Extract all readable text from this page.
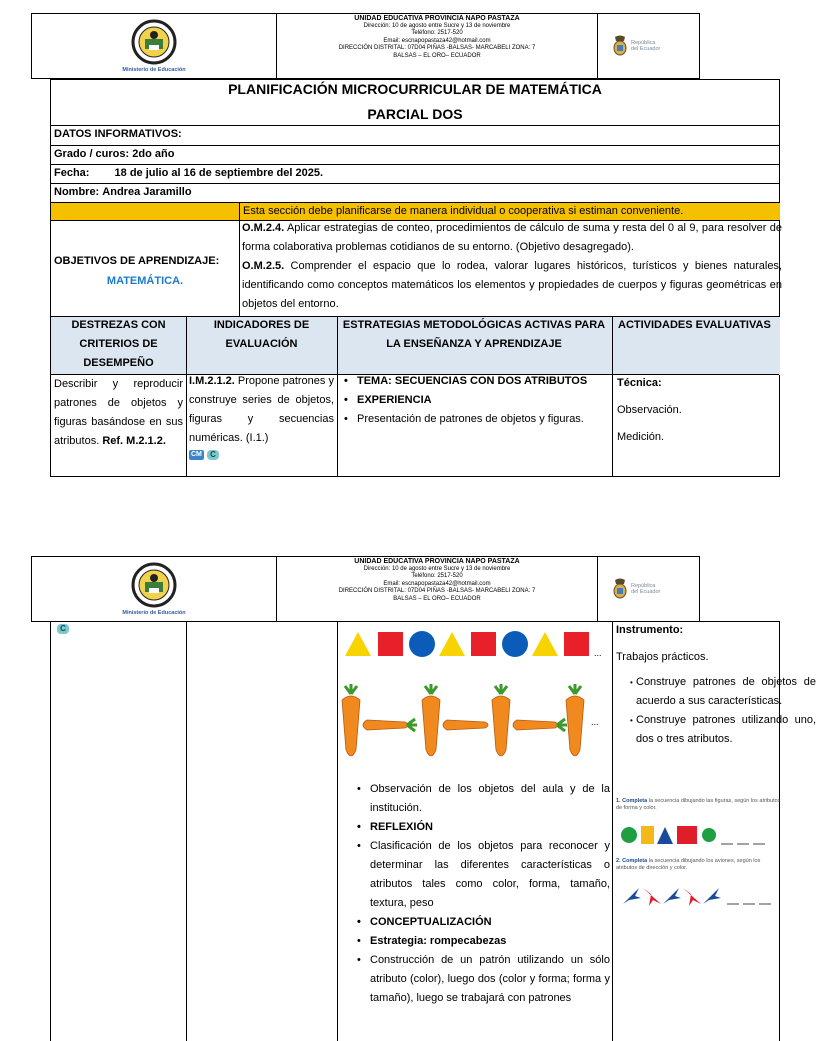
Ministerio de Educación
UNIDAD EDUCATIVA PROVINCIA NAPO PASTAZA
Dirección: 10 de agosto entre Sucre y 13 de noviembre
Teléfono: 2517-520
Email: escnapopastaza42@hotmail.com
DIRECCIÓN DISTRITAL: 07D04 PIÑAS -BALSAS- MARCABELI ZONA: 7
BALSAS – EL ORO– ECUADOR
República
del Ecuador
PLANIFICACIÓN MICROCURRICULAR DE MATEMÁTICA
PARCIAL DOS
DATOS INFORMATIVOS:
Grado / curos: 2do año
Fecha: 18 de julio al 16 de septiembre del 2025.
Nombre: Andrea Jaramillo
Esta sección debe planificarse de manera individual o cooperativa si estiman conveniente.
OBJETIVOS DE APRENDIZAJE:
MATEMÁTICA.
O.M.2.4. Aplicar estrategias de conteo, procedimientos de cálculo de suma y resta del 0 al 9, para resolver de forma colaborativa problemas cotidianos de su entorno. (Objetivo desagregado).
O.M.2.5. Comprender el espacio que lo rodea, valorar lugares históricos, turísticos y bienes naturales, identificando como conceptos matemáticos los elementos y propiedades de cuerpos y figuras geométricas en objetos del entorno.
DESTREZAS CON CRITERIOS DE DESEMPEÑO
INDICADORES DE EVALUACIÓN
ESTRATEGIAS METODOLÓGICAS ACTIVAS PARA LA ENSEÑANZA Y APRENDIZAJE
ACTIVIDADES EVALUATIVAS
Describir y reproducir patrones de objetos y figuras basándose en sus atributos. Ref. M.2.1.2.
I.M.2.1.2. Propone patrones y construye series de objetos, figuras y secuencias numéricas. (I.1.)
CM C
• TEMA: SECUENCIAS CON DOS ATRIBUTOS
• EXPERIENCIA
• Presentación de patrones de objetos y figuras.
Técnica:
Observación.
Medición.
Ministerio de Educación
UNIDAD EDUCATIVA PROVINCIA NAPO PASTAZA
Dirección: 10 de agosto entre Sucre y 13 de noviembre
Teléfono: 2517-520
Email: escnapopastaza42@hotmail.com
DIRECCIÓN DISTRITAL: 07D04 PIÑAS -BALSAS- MARCABELI ZONA: 7
BALSAS – EL ORO– ECUADOR
República
del Ecuador
C
...
...
• Observación de los objetos del aula y de la institución.
• REFLEXIÓN
• Clasificación de los objetos para reconocer y determinar las diferentes características o atributos tales como color, forma, tamaño, textura, peso
• CONCEPTUALIZACIÓN
• Estrategia: rompecabezas
• Construcción de un patrón utilizando un sólo atributo (color), luego dos (color y forma; forma y tamaño), luego se trabajará con patrones
Instrumento:
Trabajos prácticos.
• Construye patrones de objetos de acuerdo a sus características.
• Construye patrones utilizando uno, dos o tres atributos.
1. Completa la secuencia dibujando las figuras, según los atributos de forma y color.
2. Completa la secuencia dibujando los aviones, según los atributos de dirección y color.
